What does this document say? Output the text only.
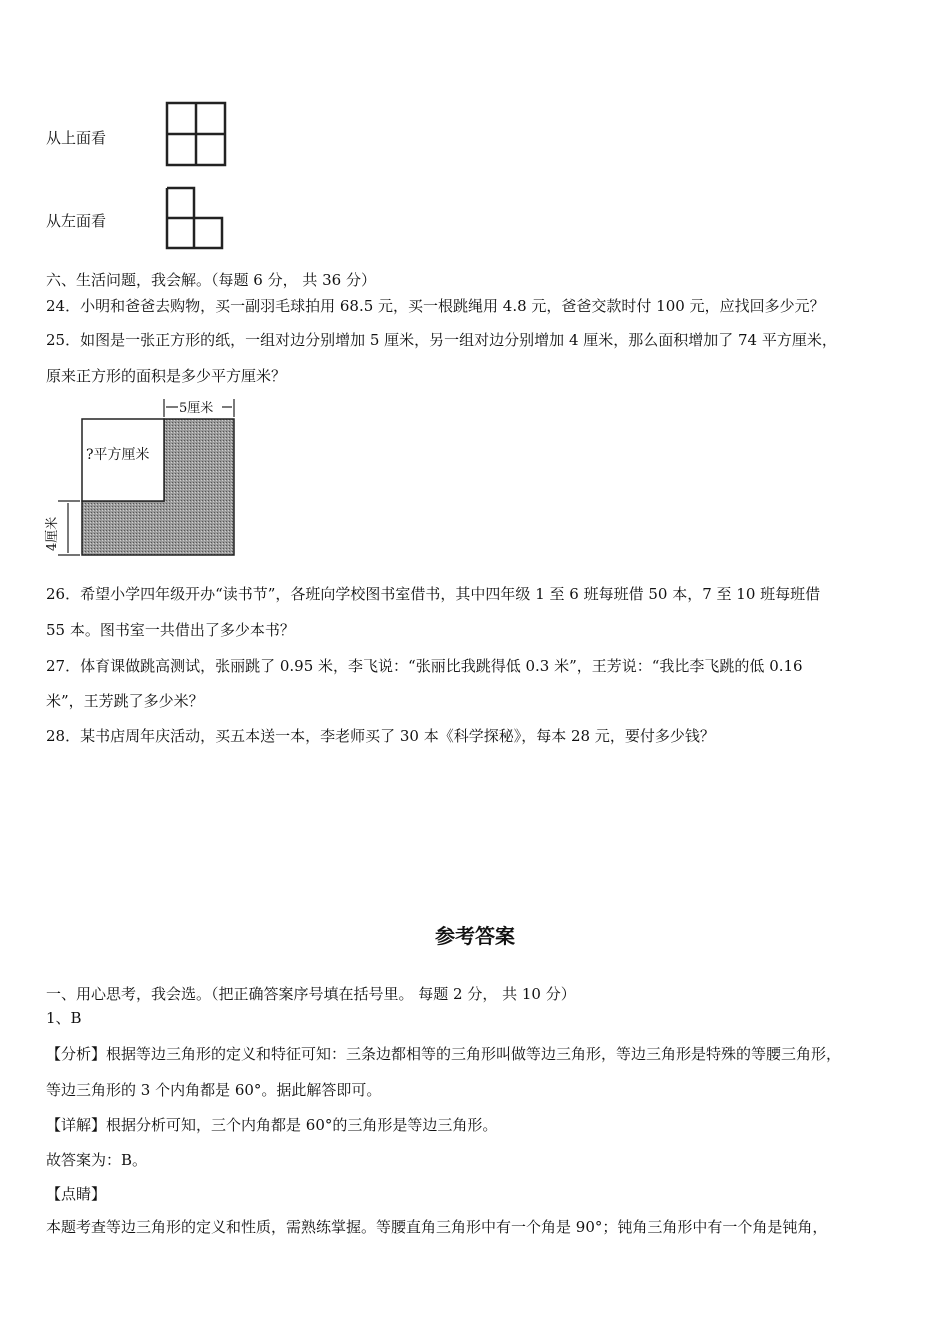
从上面看
从左面看
六、生活问题，我会解。（每题 6 分， 共 36 分）
24．小明和爸爸去购物，买一副羽毛球拍用 68.5 元，买一根跳绳用 4.8 元，爸爸交款时付 100 元，应找回多少元？
25．如图是一张正方形的纸，一组对边分别增加 5 厘米，另一组对边分别增加 4 厘米，那么面积增加了 74 平方厘米，
原来正方形的面积是多少平方厘米？
?平方厘米
5厘米
4厘米
26．希望小学四年级开办“读书节”，各班向学校图书室借书，其中四年级 1 至 6 班每班借 50 本，7 至 10 班每班借
55 本。图书室一共借出了多少本书？
27．体育课做跳高测试，张丽跳了 0.95 米，李飞说：“张丽比我跳得低 0.3 米”，王芳说：“我比李飞跳的低 0.16
米”，王芳跳了多少米？
28．某书店周年庆活动，买五本送一本，李老师买了 30 本《科学探秘》，每本 28 元，要付多少钱？
参考答案
一、用心思考，我会选。（把正确答案序号填在括号里。 每题 2 分， 共 10 分）
1、B
【分析】根据等边三角形的定义和特征可知：三条边都相等的三角形叫做等边三角形，等边三角形是特殊的等腰三角形，
等边三角形的 3 个内角都是 60°。据此解答即可。
【详解】根据分析可知，三个内角都是 60°的三角形是等边三角形。
故答案为：B。
【点睛】
本题考查等边三角形的定义和性质，需熟练掌握。等腰直角三角形中有一个角是 90°；钝角三角形中有一个角是钝角，
